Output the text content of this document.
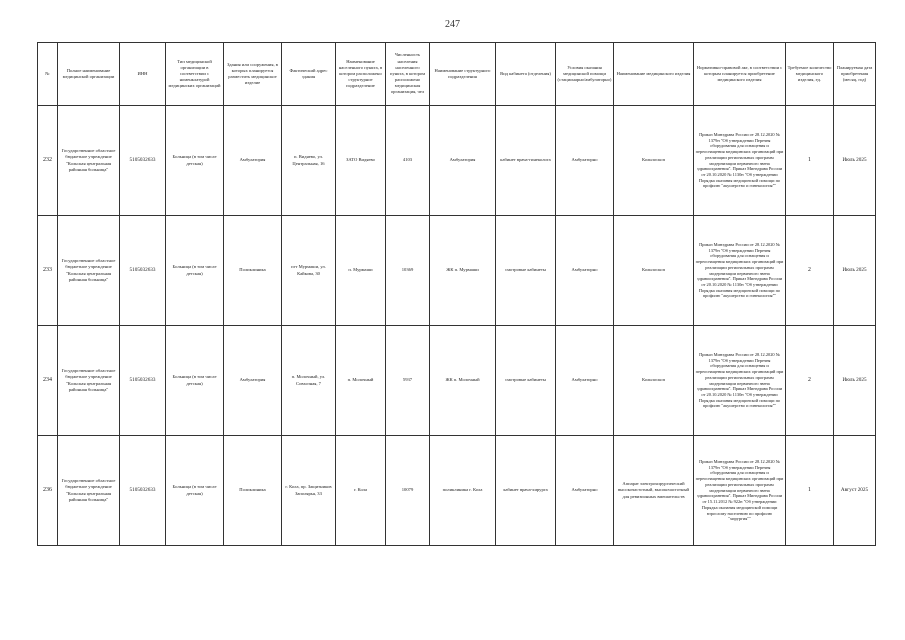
247
№	Полное наименование медицинской организации	ИНН	Тип медицинской организации в соответствии с номенклатурой медицинских организаций	Здания или сооружения, в которых планируется разместить медицинское изделие	Фактический адрес здания	Наименование населенного пункта, в котором расположено структурное подразделение	Численность населения населенного пункта, в котором расположено медицинская организация, чел	Наименование структурного подразделения	Вид кабинета (отделения)	Условия оказания медицинской помощи (стационарно/амбулаторно)	Наименование медицинского изделия	Нормативно-правовой акт, в соответствии с которым планируется приобретение медицинского изделия	Требуемое количество медицинского изделия, ед.	Планируемая дата приобретения (месяц, год)
232	Государственное областное бюджетное учреждение "Кольская центральная районная больница"	5105032633	Больница (в том числе детская)	Амбулатория	п. Видяево, ул. Центральная, 16	ЗАТО Видяево	4103	Амбулатория	кабинет врача-гинеколога	Амбулаторно	Кольпоскоп	Приказ Минздрава России от 28.12.2020 № 1379н "Об утверждении Перечня оборудования для оснащения и переоснащения медицинских организаций при реализации региональных программ модернизации первичного звена здравоохранения". Приказ Минздрава России от 20.10.2020 № 1130н "Об утверждении Порядка оказания медицинской помощи по профилю "акушерство и гинекология""	1	Июль 2025
233	Государственное областное бюджетное учреждение "Кольская центральная районная больница"	5105032633	Больница (в том числе детская)	Поликлиника	пгт Мурмаши, ул. Кайкова, 30	п. Мурмаши	10369	ЖК п. Мурмаши	смотровые кабинеты	Амбулаторно	Кольпоскоп	Приказ Минздрава России от 28.12.2020 № 1379н "Об утверждении Перечня оборудования для оснащения и переоснащения медицинских организаций при реализации региональных программ модернизации первичного звена здравоохранения". Приказ Минздрава России от 20.10.2020 № 1130н "Об утверждении Порядка оказания медицинской помощи по профилю "акушерство и гинекология""	2	Июль 2025
234	Государственное областное бюджетное учреждение "Кольская центральная районная больница"	5105032633	Больница (в том числе детская)	Амбулатория	п. Молочный, ул. Совхозная, 7	п. Молочный	5937	ЖК п. Молочный	смотровые кабинеты	Амбулаторно	Кольпоскоп	Приказ Минздрава России от 28.12.2020 № 1379н "Об утверждении Перечня оборудования для оснащения и переоснащения медицинских организаций при реализации региональных программ модернизации первичного звена здравоохранения". Приказ Минздрава России от 20.10.2020 № 1130н "Об утверждении Порядка оказания медицинской помощи по профилю "акушерство и гинекология""	2	Июль 2025
236	Государственное областное бюджетное учреждение "Кольская центральная районная больница"	5105032633	Больница (в том числе детская)	Поликлиника	г. Кола, пр. Защитников Заполярья, 33	г. Кола	10079	поликлиника г. Кола	кабинет врача-хирурга	Амбулаторно	Аппарат электрохирургический высокочастотный, высокочастотный для ревизионных вмешательств	Приказ Минздрава России от 28.12.2020 № 1379н "Об утверждении Перечня оборудования для оснащения и переоснащения медицинских организаций при реализации региональных программ модернизации первичного звена здравоохранения". Приказ Минздрава России от 15.11.2012 № 922н "Об утверждении Порядка оказания медицинской помощи взрослому населению по профилю "хирургия""	1	Август 2025
